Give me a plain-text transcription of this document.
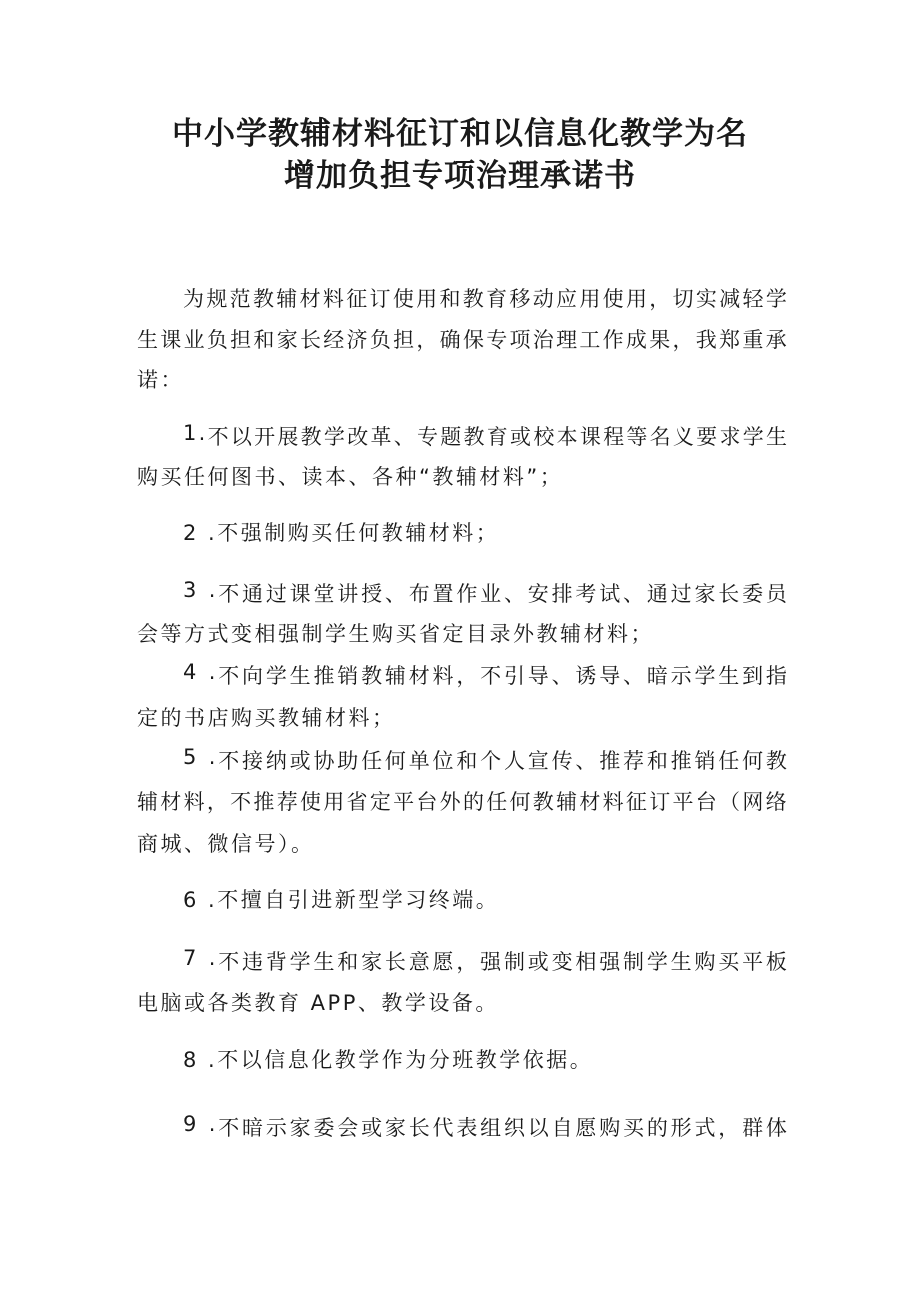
中小学教辅材料征订和以信息化教学为名
增加负担专项治理承诺书
为 规 范 教 辅 材 料 征 订 使 用 和 教 育 移 动 应 用 使 用 ， 切 实 减 轻 学
生 课 业 负 担 和 家 长 经 济 负 担 ， 确 保 专 项 治 理 工 作 成 果 ， 我 郑 重 承
诺：
1 . 不 以 开 展 教 学 改 革 、 专 题 教 育 或 校 本 课 程 等 名 义 要 求 学 生
购买任何图书、读本、各种“教辅材料”；
2 .不强制购买任何教辅材料；
3
. 不 通 过 课 堂 讲 授 、 布 置 作 业 、 安 排 考 试 、 通 过 家 长 委 员
会等方式变相强制学生购买省定目录外教辅材料；
4
. 不 向 学 生 推 销 教 辅 材 料 ， 不 引 导 、 诱 导 、 暗 示 学 生 到 指
定的书店购买教辅材料；
5
. 不 接 纳 或 协 助 任 何 单 位 和 个 人 宣 传 、 推 荐 和 推 销 任 何 教
辅 材 料 ， 不 推 荐 使 用 省 定 平 台 外 的 任 何 教 辅 材 料 征 订 平 台 （ 网 络
商城、微信号）。
6 .不擅自引进新型学习终端。
7
. 不 违 背 学 生 和 家 长 意 愿 ， 强 制 或 变 相 强 制 学 生 购 买 平 板
电脑或各类教育 APP、教学设备。
8 .不以信息化教学作为分班教学依据。
9
. 不 暗 示 家 委 会 或 家 长 代 表 组 织 以 自 愿 购 买 的 形 式 ， 群 体
